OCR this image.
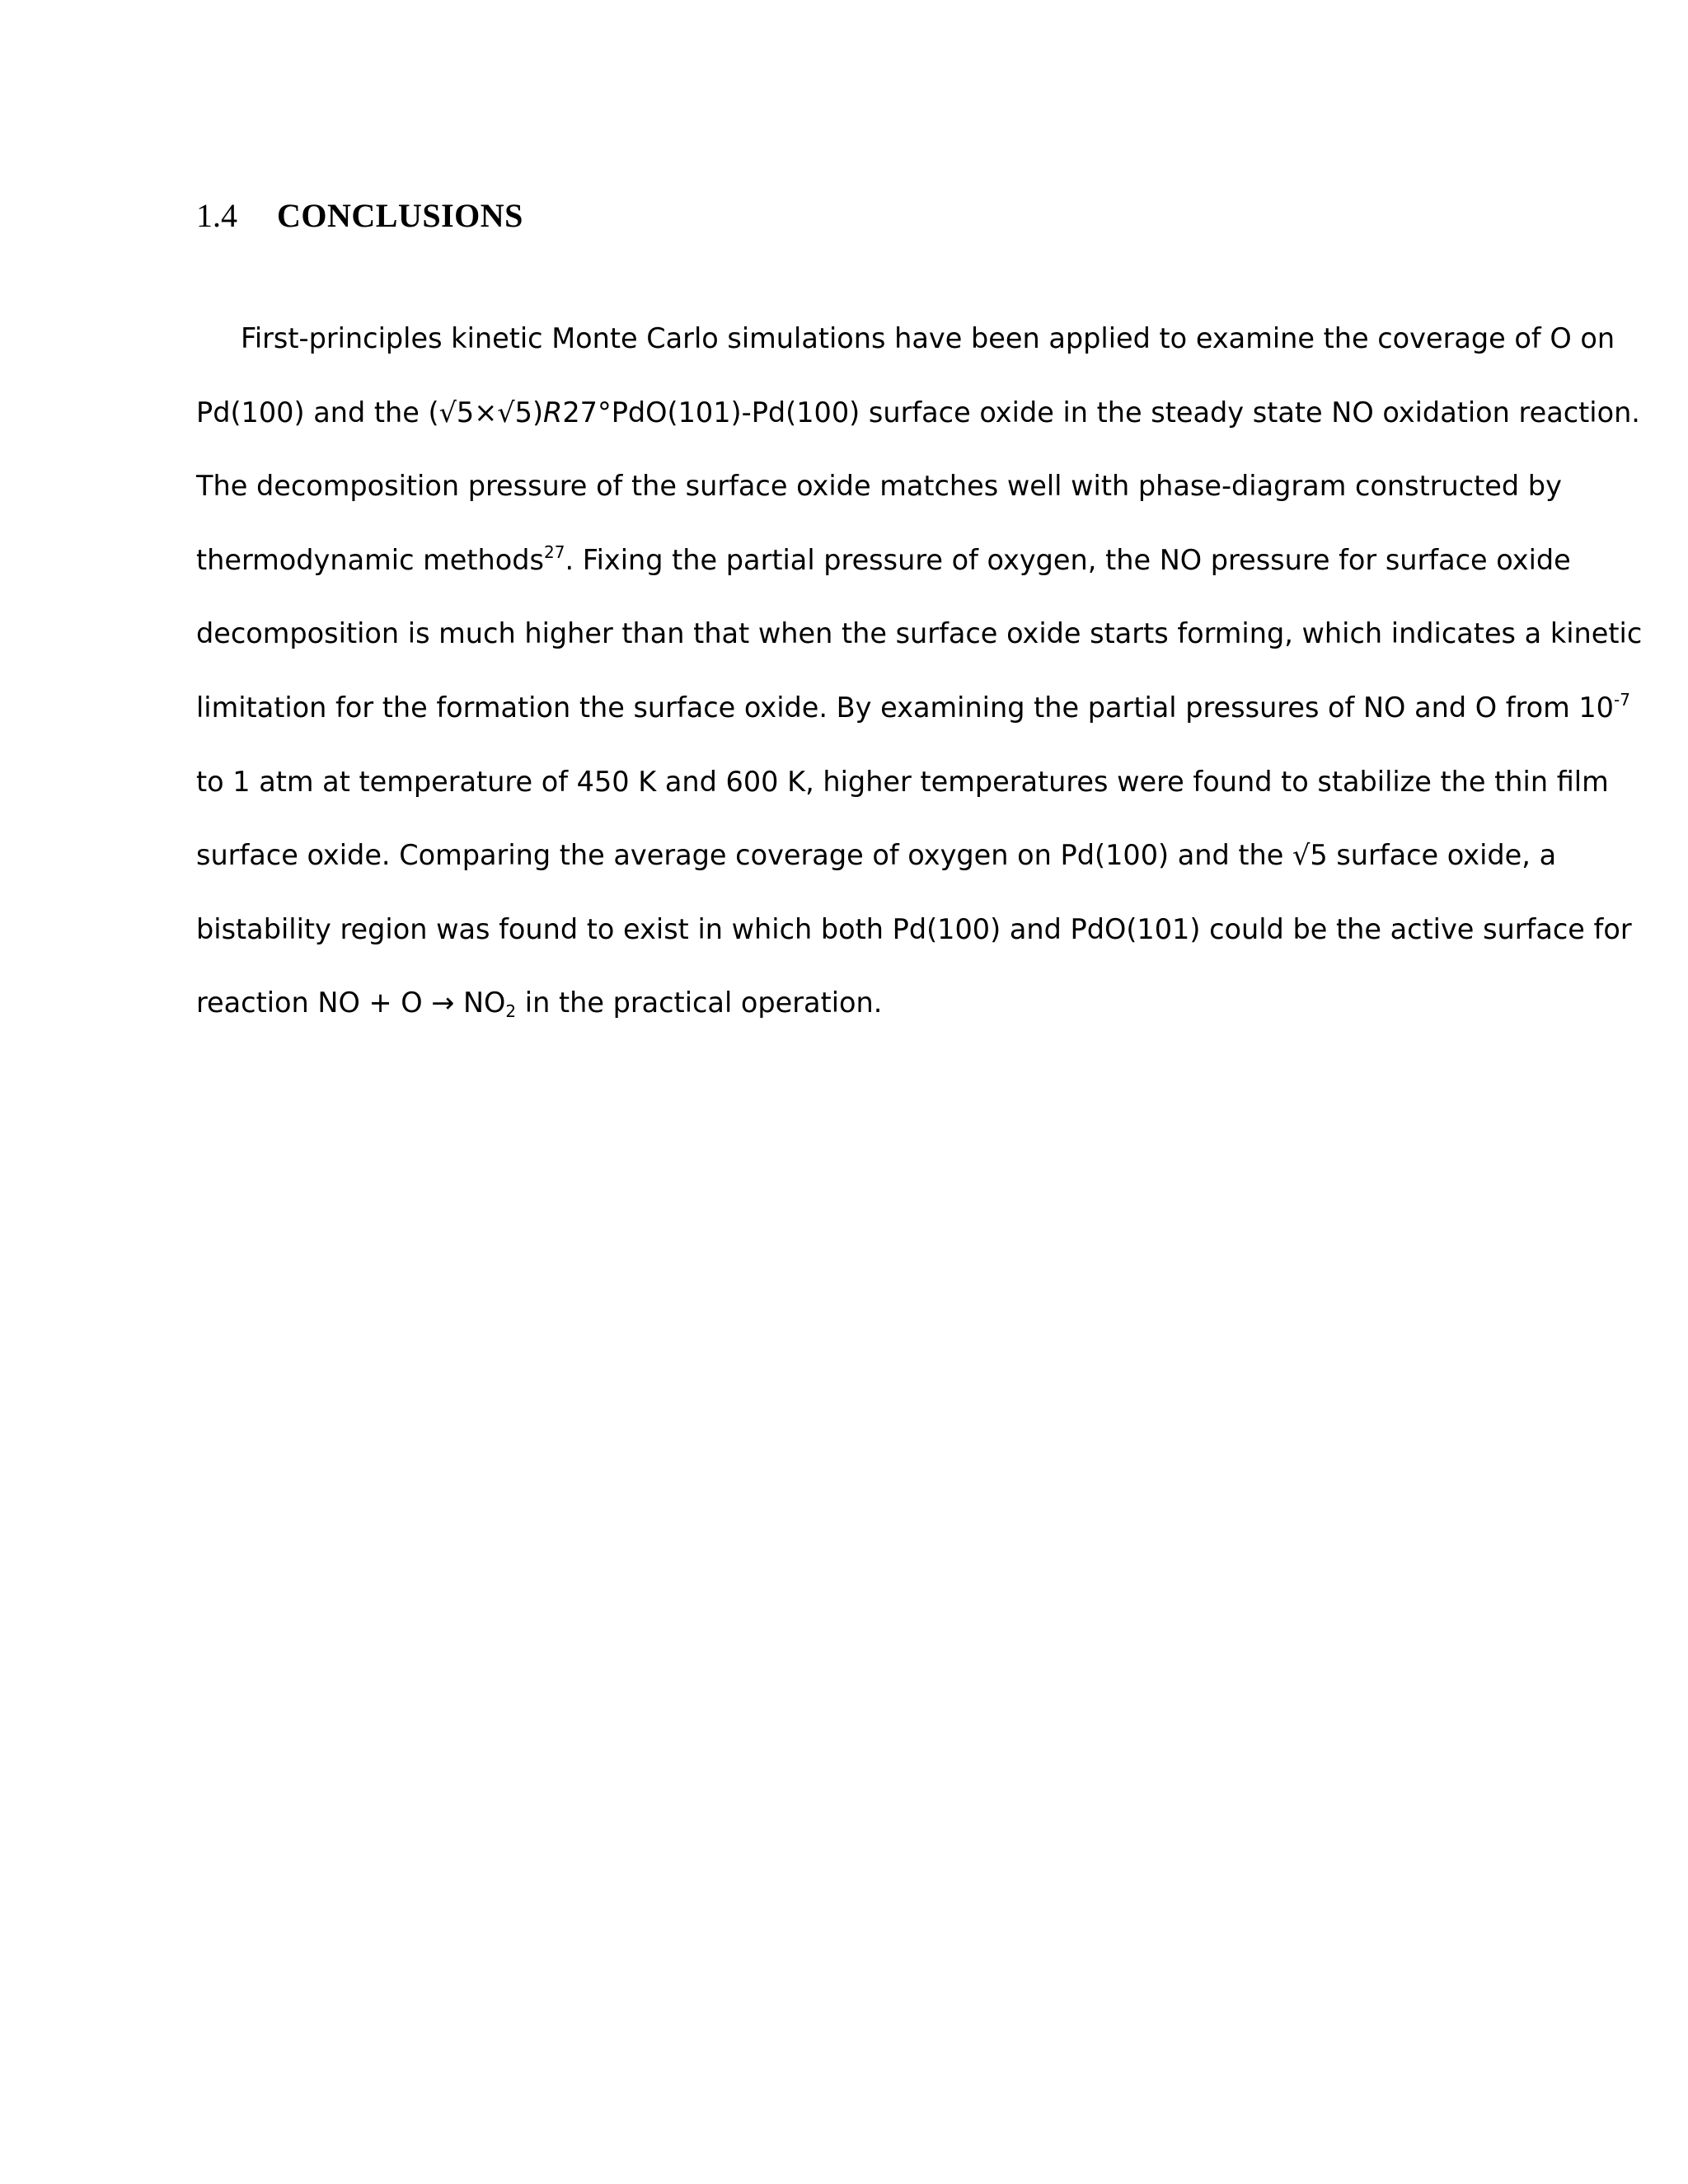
1.4	CONCLUSIONS
First-principles kinetic Monte Carlo simulations have been applied to examine the coverage of O on
Pd(100) and the (√5×√5)R27°PdO(101)-Pd(100) surface oxide in the steady state NO oxidation reaction.
The decomposition pressure of the surface oxide matches well with phase-diagram constructed by
thermodynamic methods$^{27}$. Fixing the partial pressure of oxygen, the NO pressure for surface oxide
decomposition is much higher than that when the surface oxide starts forming, which indicates a kinetic
limitation for the formation the surface oxide. By examining the partial pressures of NO and O from $10^{-7}$
to 1 atm at temperature of 450 K and 600 K, higher temperatures were found to stabilize the thin film
surface oxide. Comparing the average coverage of oxygen on Pd(100) and the √5 surface oxide, a
bistability region was found to exist in which both Pd(100) and PdO(101) could be the active surface for
reaction NO + $O \to NO_2$ in the practical operation.
